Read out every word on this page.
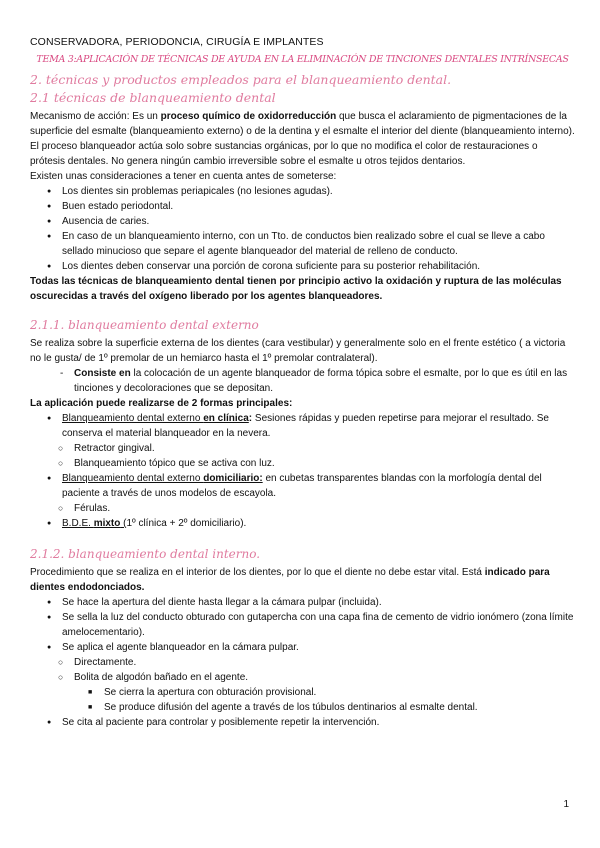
CONSERVADORA, PERIODONCIA, CIRUGÍA E IMPLANTES
TEMA 3:APLICACIÓN DE TÉCNICAS DE AYUDA EN LA ELIMINACIÓN DE TINCIONES DENTALES INTRÍNSECAS
2. técnicas y productos empleados para el blanqueamiento dental.
2.1 técnicas de blanqueamiento dental

Mecanismo de acción: Es un proceso químico de oxidorreducción que busca el aclaramiento de pigmentaciones de la superficie del esmalte (blanqueamiento externo) o de la dentina y el esmalte el interior del diente (blanqueamiento interno).

El proceso blanqueador actúa solo sobre sustancias orgánicas, por lo que no modifica el color de restauraciones o prótesis dentales. No genera ningún cambio irreversible sobre el esmalte u otros tejidos dentarios.

Existen unas consideraciones a tener en cuenta antes de someterse:

● Los dientes sin problemas periapicales (no lesiones agudas).
● Buen estado periodontal.
● Ausencia de caries.
● En caso de un blanqueamiento interno, con un Tto. de conductos bien realizado sobre el cual se lleve a cabo sellado minucioso que separe el agente blanqueador del material de relleno de conducto.
● Los dientes deben conservar una porción de corona suficiente para su posterior rehabilitación.

Todas las técnicas de blanqueamiento dental tienen por principio activo la oxidación y ruptura de las moléculas oscurecidas a través del oxígeno liberado por los agentes blanqueadores.

2.1.1. blanqueamiento dental externo

Se realiza sobre la superficie externa de los dientes (cara vestibular) y generalmente solo en el frente estético ( a victoria no le gusta/ de 1º premolar de un hemiarco hasta el 1º premolar contralateral).

- Consiste en la colocación de un agente blanqueador de forma tópica sobre el esmalte, por lo que es útil en las tinciones y decoloraciones que se depositan.

La aplicación puede realizarse de 2 formas principales:

● Blanqueamiento dental externo en clínica: Sesiones rápidas y pueden repetirse para mejorar el resultado. Se conserva el material blanqueador en la nevera.
○ Retractor gingival.
○ Blanqueamiento tópico que se activa con luz.
● Blanqueamiento dental externo domiciliario: en cubetas transparentes blandas con la morfología dental del paciente a través de unos modelos de escayola.
○ Férulas.
● B.D.E. mixto (1º clínica + 2º domiciliario).
2.1.2. blanqueamiento dental interno.

Procedimiento que se realiza en el interior de los dientes, por lo que el diente no debe estar vital. Está indicado para dientes endodonciados.

● Se hace la apertura del diente hasta llegar a la cámara pulpar (incluida).
● Se sella la luz del conducto obturado con gutapercha con una capa fina de cemento de vidrio ionómero (zona límite amelocementario).
● Se aplica el agente blanqueador en la cámara pulpar.
○ Directamente.
○ Bolita de algodón bañado en el agente.
■ Se cierra la apertura con obturación provisional.
■ Se produce difusión del agente a través de los túbulos dentinarios al esmalte dental.
● Se cita al paciente para controlar y posiblemente repetir la intervención.
1
